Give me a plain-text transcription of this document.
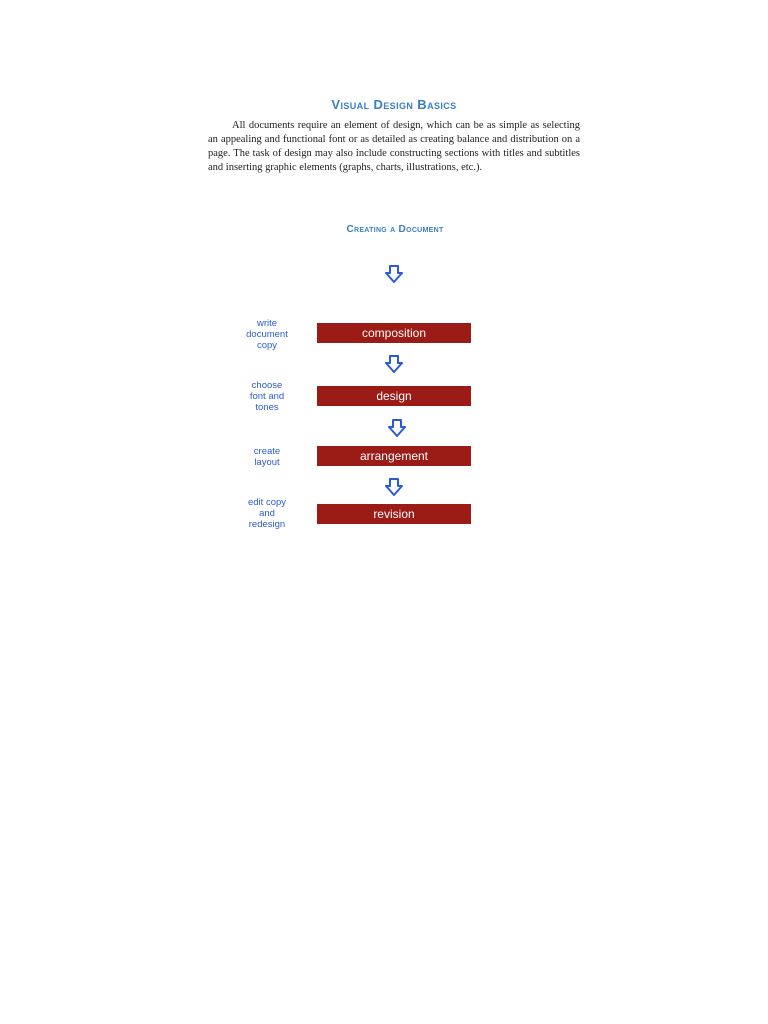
Visual Design Basics

All documents require an element of design, which can be as simple as selecting an appealing and functional font or as detailed as creating balance and distribution on a page. The task of design may also include constructing sections with titles and subtitles and inserting graphic elements (graphs, charts, illustrations, etc.).

Creating a Document
write
document
copy
composition
choose
font and
tones
design
create
layout	arrangement
edit copy
and
redesign
revision
